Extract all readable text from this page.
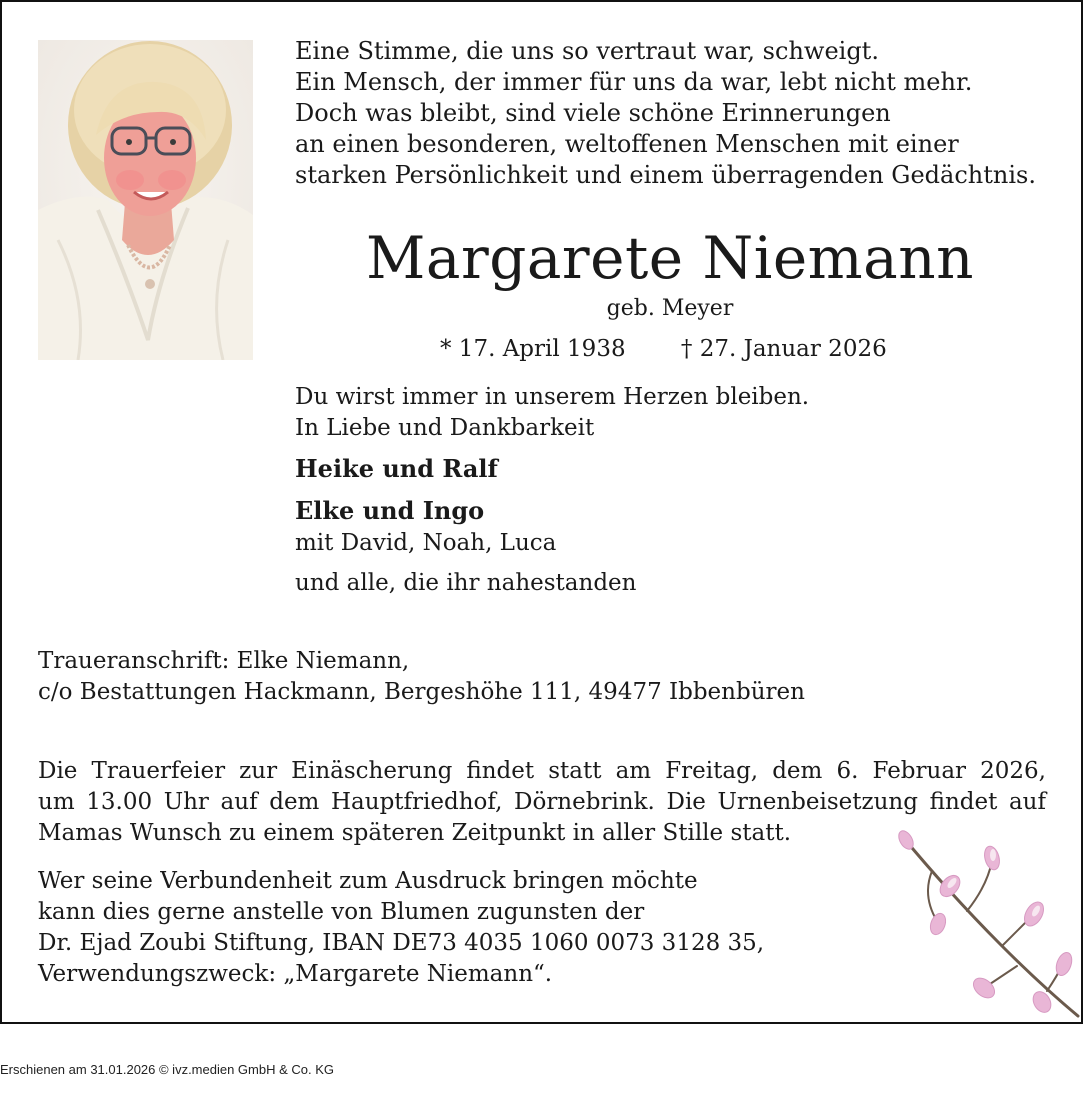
Eine Stimme, die uns so vertraut war, schweigt.
Ein Mensch, der immer für uns da war, lebt nicht mehr.
Doch was bleibt, sind viele schöne Erinnerungen
an einen besonderen, weltoffenen Menschen mit einer
starken Persönlichkeit und einem überragenden Gedächtnis.
Margarete Niemann
geb. Meyer
* 17. April 1938 † 27. Januar 2026
Du wirst immer in unserem Herzen bleiben.
In Liebe und Dankbarkeit
Heike und Ralf
Elke und Ingo
mit David, Noah, Luca
und alle, die ihr nahestanden
Traueranschrift: Elke Niemann,
c/o Bestattungen Hackmann, Bergeshöhe 111, 49477 Ibbenbüren
Die Trauerfeier zur Einäscherung findet statt am Freitag, dem 6. Februar 2026,
um 13.00 Uhr auf dem Hauptfriedhof, Dörnebrink. Die Urnenbeisetzung findet auf
Mamas Wunsch zu einem späteren Zeitpunkt in aller Stille statt.
Wer seine Verbundenheit zum Ausdruck bringen möchte
kann dies gerne anstelle von Blumen zugunsten der
Dr. Ejad Zoubi Stiftung, IBAN DE73 4035 1060 0073 3128 35,
Verwendungszweck: „Margarete Niemann“.
Erschienen am 31.01.2026 © ivz.medien GmbH & Co. KG
